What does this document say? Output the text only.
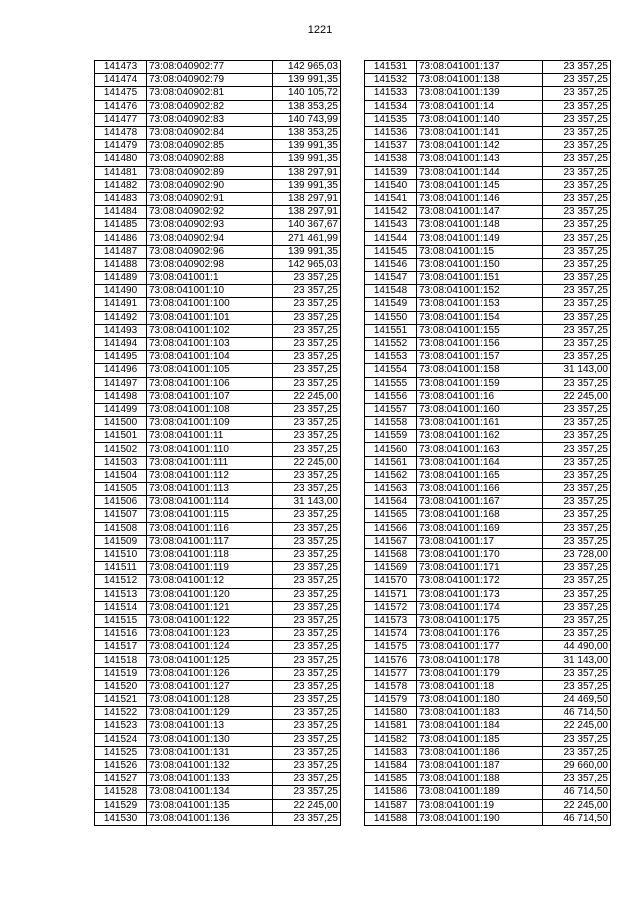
1221
141473	73:08:040902:77	142 965,03
141474	73:08:040902:79	139 991,35
141475	73:08:040902:81	140 105,72
141476	73:08:040902:82	138 353,25
141477	73:08:040902:83	140 743,99
141478	73:08:040902:84	138 353,25
141479	73:08:040902:85	139 991,35
141480	73:08:040902:88	139 991,35
141481	73:08:040902:89	138 297,91
141482	73:08:040902:90	139 991,35
141483	73:08:040902:91	138 297,91
141484	73:08:040902:92	138 297,91
141485	73:08:040902:93	140 367,67
141486	73:08:040902:94	271 461,99
141487	73:08:040902:96	139 991,35
141488	73:08:040902:98	142 965,03
141489	73:08:041001:1	23 357,25
141490	73:08:041001:10	23 357,25
141491	73:08:041001:100	23 357,25
141492	73:08:041001:101	23 357,25
141493	73:08:041001:102	23 357,25
141494	73:08:041001:103	23 357,25
141495	73:08:041001:104	23 357,25
141496	73:08:041001:105	23 357,25
141497	73:08:041001:106	23 357,25
141498	73:08:041001:107	22 245,00
141499	73:08:041001:108	23 357,25
141500	73:08:041001:109	23 357,25
141501	73:08:041001:11	23 357,25
141502	73:08:041001:110	23 357,25
141503	73:08:041001:111	22 245,00
141504	73:08:041001:112	23 357,25
141505	73:08:041001:113	23 357,25
141506	73:08:041001:114	31 143,00
141507	73:08:041001:115	23 357,25
141508	73:08:041001:116	23 357,25
141509	73:08:041001:117	23 357,25
141510	73:08:041001:118	23 357,25
141511	73:08:041001:119	23 357,25
141512	73:08:041001:12	23 357,25
141513	73:08:041001:120	23 357,25
141514	73:08:041001:121	23 357,25
141515	73:08:041001:122	23 357,25
141516	73:08:041001:123	23 357,25
141517	73:08:041001:124	23 357,25
141518	73:08:041001:125	23 357,25
141519	73:08:041001:126	23 357,25
141520	73:08:041001:127	23 357,25
141521	73:08:041001:128	23 357,25
141522	73:08:041001:129	23 357,25
141523	73:08:041001:13	23 357,25
141524	73:08:041001:130	23 357,25
141525	73:08:041001:131	23 357,25
141526	73:08:041001:132	23 357,25
141527	73:08:041001:133	23 357,25
141528	73:08:041001:134	23 357,25
141529	73:08:041001:135	22 245,00
141530	73:08:041001:136	23 357,25
141531	73:08:041001:137	23 357,25
141532	73:08:041001:138	23 357,25
141533	73:08:041001:139	23 357,25
141534	73:08:041001:14	23 357,25
141535	73:08:041001:140	23 357,25
141536	73:08:041001:141	23 357,25
141537	73:08:041001:142	23 357,25
141538	73:08:041001:143	23 357,25
141539	73:08:041001:144	23 357,25
141540	73:08:041001:145	23 357,25
141541	73:08:041001:146	23 357,25
141542	73:08:041001:147	23 357,25
141543	73:08:041001:148	23 357,25
141544	73:08:041001:149	23 357,25
141545	73:08:041001:15	23 357,25
141546	73:08:041001:150	23 357,25
141547	73:08:041001:151	23 357,25
141548	73:08:041001:152	23 357,25
141549	73:08:041001:153	23 357,25
141550	73:08:041001:154	23 357,25
141551	73:08:041001:155	23 357,25
141552	73:08:041001:156	23 357,25
141553	73:08:041001:157	23 357,25
141554	73:08:041001:158	31 143,00
141555	73:08:041001:159	23 357,25
141556	73:08:041001:16	22 245,00
141557	73:08:041001:160	23 357,25
141558	73:08:041001:161	23 357,25
141559	73:08:041001:162	23 357,25
141560	73:08:041001:163	23 357,25
141561	73:08:041001:164	23 357,25
141562	73:08:041001:165	23 357,25
141563	73:08:041001:166	23 357,25
141564	73:08:041001:167	23 357,25
141565	73:08:041001:168	23 357,25
141566	73:08:041001:169	23 357,25
141567	73:08:041001:17	23 357,25
141568	73:08:041001:170	23 728,00
141569	73:08:041001:171	23 357,25
141570	73:08:041001:172	23 357,25
141571	73:08:041001:173	23 357,25
141572	73:08:041001:174	23 357,25
141573	73:08:041001:175	23 357,25
141574	73:08:041001:176	23 357,25
141575	73:08:041001:177	44 490,00
141576	73:08:041001:178	31 143,00
141577	73:08:041001:179	23 357,25
141578	73:08:041001:18	23 357,25
141579	73:08:041001:180	24 469,50
141580	73:08:041001:183	46 714,50
141581	73:08:041001:184	22 245,00
141582	73:08:041001:185	23 357,25
141583	73:08:041001:186	23 357,25
141584	73:08:041001:187	29 660,00
141585	73:08:041001:188	23 357,25
141586	73:08:041001:189	46 714,50
141587	73:08:041001:19	22 245,00
141588	73:08:041001:190	46 714,50
